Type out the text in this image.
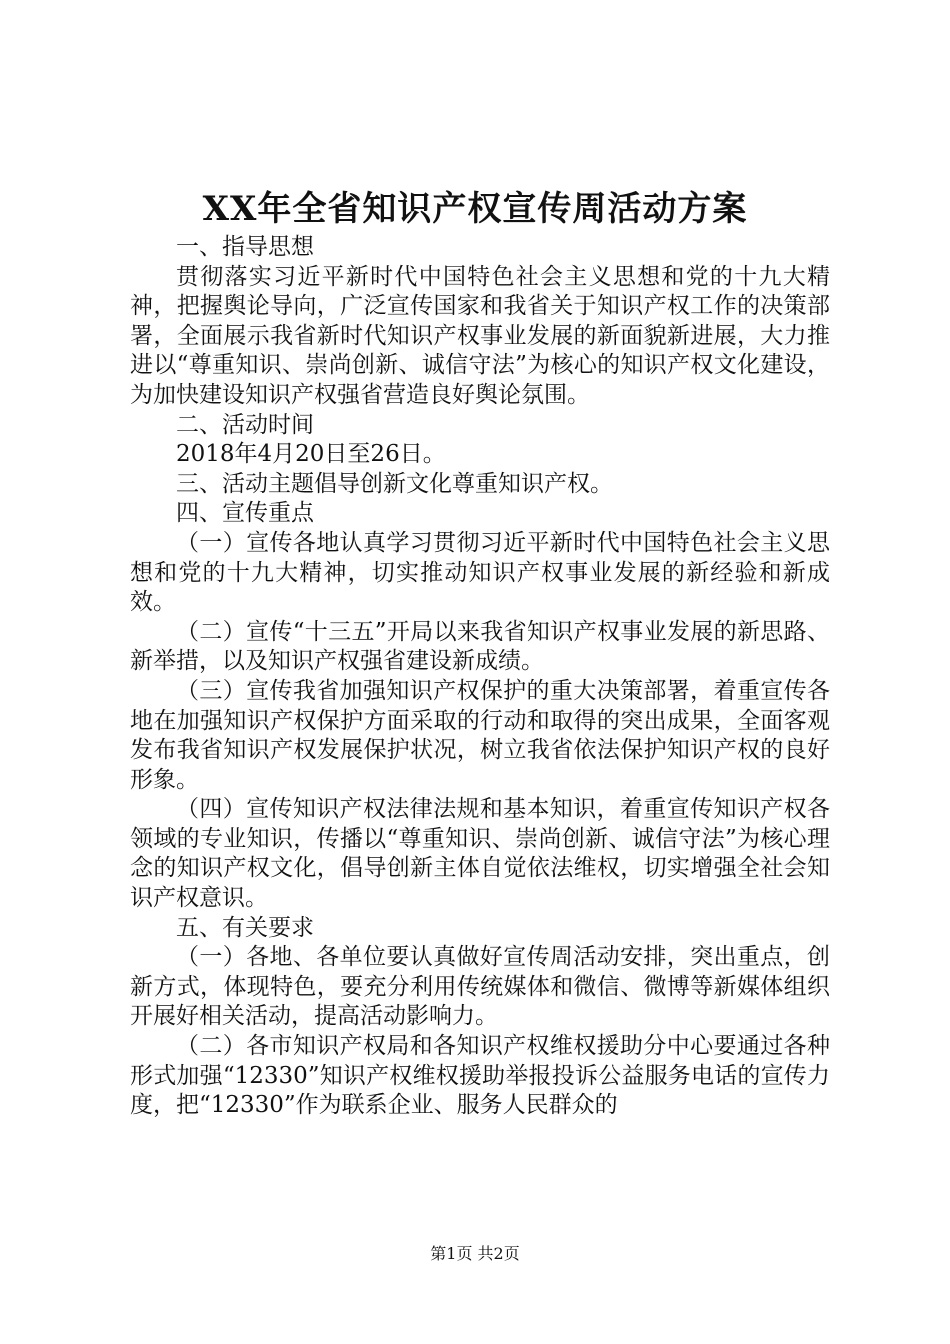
XX年全省知识产权宣传周活动方案

一、指导思想

贯彻落实习近平新时代中国特色社会主义思想和党的十九大精神，把握舆论导向，广泛宣传国家和我省关于知识产权工作的决策部署，全面展示我省新时代知识产权事业发展的新面貌新进展，大力推进以“尊重知识、崇尚创新、诚信守法”为核心的知识产权文化建设，为加快建设知识产权强省营造良好舆论氛围。

二、活动时间

2018年4月20日至26日。

三、活动主题倡导创新文化尊重知识产权。

四、宣传重点

（一）宣传各地认真学习贯彻习近平新时代中国特色社会主义思想和党的十九大精神，切实推动知识产权事业发展的新经验和新成效。

（二）宣传“十三五”开局以来我省知识产权事业发展的新思路、新举措，以及知识产权强省建设新成绩。

（三）宣传我省加强知识产权保护的重大决策部署，着重宣传各地在加强知识产权保护方面采取的行动和取得的突出成果，全面客观发布我省知识产权发展保护状况，树立我省依法保护知识产权的良好形象。

（四）宣传知识产权法律法规和基本知识，着重宣传知识产权各领域的专业知识，传播以“尊重知识、崇尚创新、诚信守法”为核心理念的知识产权文化，倡导创新主体自觉依法维权，切实增强全社会知识产权意识。

五、有关要求

（一）各地、各单位要认真做好宣传周活动安排，突出重点，创新方式，体现特色，要充分利用传统媒体和微信、微博等新媒体组织开展好相关活动，提高活动影响力。

（二）各市知识产权局和各知识产权维权援助分中心要通过各种形式加强“12330”知识产权维权援助举报投诉公益服务电话的宣传力度，把“12330”作为联系企业、服务人民群众的

第1页 共2页
